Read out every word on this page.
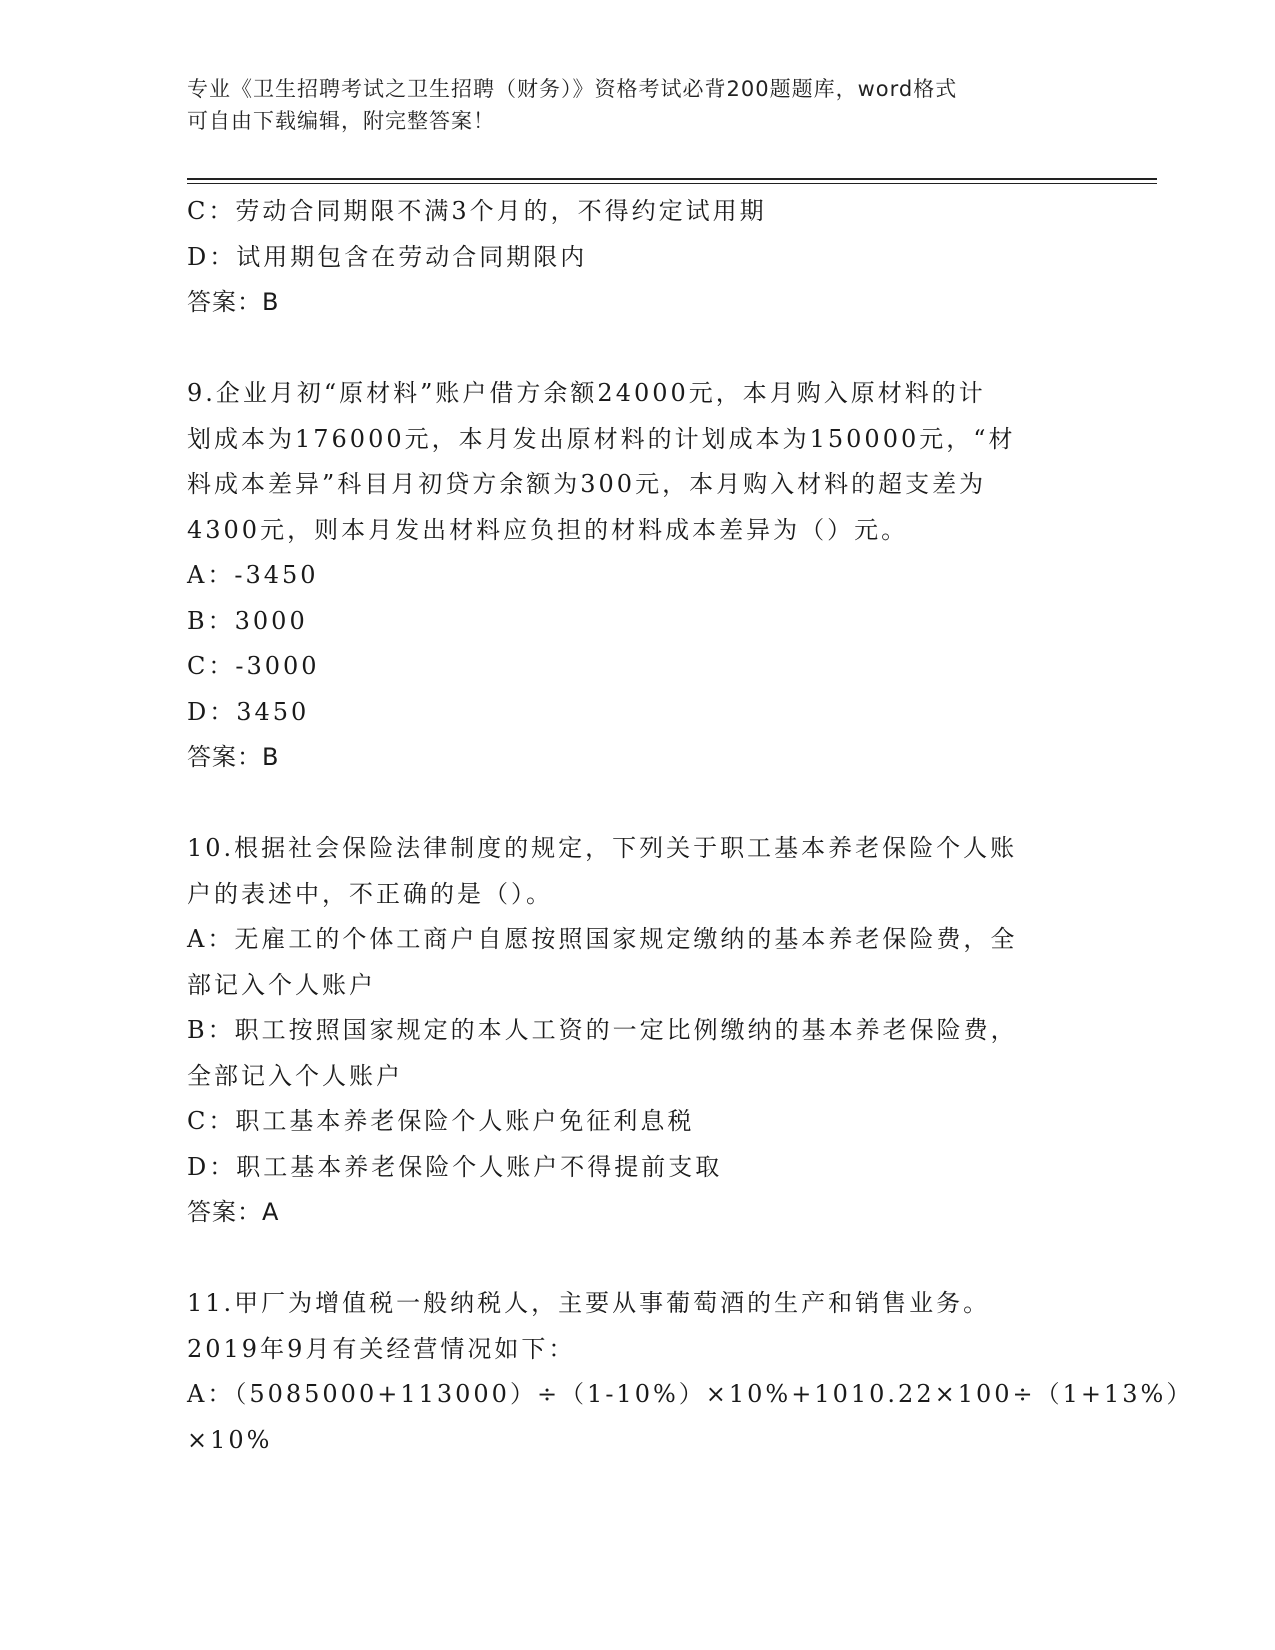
专业《卫生招聘考试之卫生招聘（财务）》资格考试必背200题题库，word格式
可自由下载编辑，附完整答案！
C：劳动合同期限不满3个月的，不得约定试用期
D：试用期包含在劳动合同期限内
答案：B
9.企业月初“原材料”账户借方余额24000元，本月购入原材料的计
划成本为176000元，本月发出原材料的计划成本为150000元，“材
料成本差异”科目月初贷方余额为300元，本月购入材料的超支差为
4300元，则本月发出材料应负担的材料成本差异为（）元。
A：-3450
B：3000
C：-3000
D：3450
答案：B
10.根据社会保险法律制度的规定，下列关于职工基本养老保险个人账
户的表述中，不正确的是（）。
A：无雇工的个体工商户自愿按照国家规定缴纳的基本养老保险费，全
部记入个人账户
B：职工按照国家规定的本人工资的一定比例缴纳的基本养老保险费，
全部记入个人账户
C：职工基本养老保险个人账户免征利息税
D：职工基本养老保险个人账户不得提前支取
答案：A
11.甲厂为增值税一般纳税人，主要从事葡萄酒的生产和销售业务。
2019年9月有关经营情况如下：
A：（5085000+113000）÷（1-10%）×10%+1010.22×100÷（1+13%）
×10%
